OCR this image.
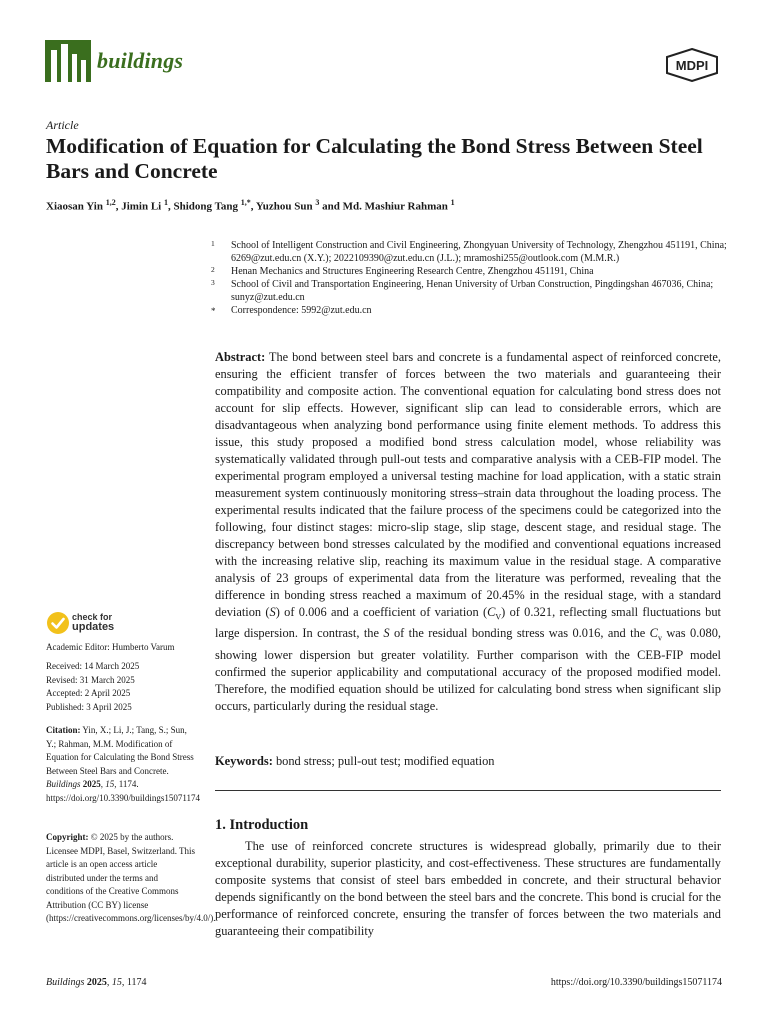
buildings	MDPI
Article
Modification of Equation for Calculating the Bond Stress Between Steel Bars and Concrete
Xiaosan Yin $^{1,2}$, Jimin Li $^1$, Shidong Tang $^{1,*}$, Yuzhou Sun $^3$ and Md. Mashiur Rahman $^1$

1 School of Intelligent Construction and Civil Engineering, Zhongyuan University of Technology, Zhengzhou 451191, China; 6269@zut.edu.cn (X.Y.); 2022109390@zut.edu.cn (J.L.); mramoshi255@outlook.com (M.M.R.)

2 Henan Mechanics and Structures Engineering Research Centre, Zhengzhou 451191, China

3 School of Civil and Transportation Engineering, Henan University of Urban Construction, Pingdingshan 467036, China; sunyz@zut.edu.cn

* Correspondence: 5992@zut.edu.cn

Abstract: The bond between steel bars and concrete is a fundamental aspect of reinforced concrete, ensuring the efficient transfer of forces between the two materials and guaranteeing their compatibility and composite action. The conventional equation for calculating bond stress does not account for slip effects. However, significant slip can lead to considerable errors, which are disadvantageous when analyzing bond performance using finite element methods. To address this issue, this study proposed a modified bond stress calculation model, whose reliability was systematically validated through pull-out tests and comparative analysis with a CEB-FIP model. The experimental program employed a universal testing machine for load application, with a static strain measurement system continuously monitoring stress–strain data throughout the loading process. The experimental results indicated that the failure process of the specimens could be categorized into the following, four distinct stages: micro-slip stage, slip stage, descent stage, and residual stage. The discrepancy between bond stresses calculated by the modified and conventional equations increased with the increasing relative slip, reaching its maximum value in the residual stage. A comparative analysis of 23 groups of experimental data from the literature was performed, revealing that the difference in bonding stress reached a maximum of 20.45% in the residual stage, with a standard deviation (S) of 0.006 and a coefficient of variation $(C_V)$ of 0.321, reflecting small fluctuations but large dispersion. In contrast, the S of the residual bonding stress was 0.016, and the $C_v$ was 0.080, showing lower dispersion but greater volatility. Further comparison with the CEB-FIP model confirmed the superior applicability and computational accuracy of the proposed modified model. Therefore, the modified equation should be utilized for calculating bond stress when significant slip occurs, particularly during the residual stage.
Keywords: bond stress; pull-out test; modified equation
1. Introduction
The use of reinforced concrete structures is widespread globally, primarily due to their exceptional durability, superior plasticity, and cost-effectiveness. These structures are fundamentally composite systems that consist of steel bars embedded in concrete, and their structural behavior depends significantly on the bond between the steel bars and the concrete. This bond is crucial for the performance of reinforced concrete, ensuring the transfer of forces between the two materials and guaranteeing their compatibility
check for
updates
Academic Editor: Humberto Varum
Received: 14 March 2025
Revised: 31 March 2025
Accepted: 2 April 2025
Published: 3 April 2025
Citation: Yin, X.; Li, J.; Tang, S.; Sun, Y.; Rahman, M.M. Modification of Equation for Calculating the Bond Stress Between Steel Bars and Concrete. Buildings 2025, 15, 1174. https://doi.org/10.3390/buildings15071174
Copyright: © 2025 by the authors. Licensee MDPI, Basel, Switzerland. This article is an open access article distributed under the terms and conditions of the Creative Commons Attribution (CC BY) license (https://creativecommons.org/licenses/by/4.0/).
Buildings 2025, 15, 1174	https://doi.org/10.3390/buildings15071174
